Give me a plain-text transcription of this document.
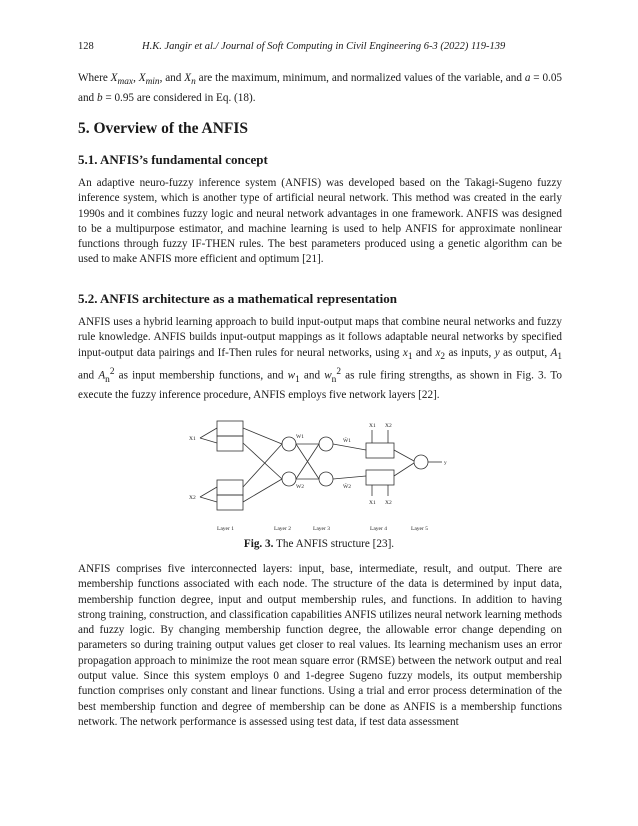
128	H.K. Jangir et al./ Journal of Soft Computing in Civil Engineering 6-3 (2022) 119-139

Where $X_{max}$, $X_{min}$, and $X_n$ are the maximum, minimum, and normalized values of the variable, and a = 0.05 and b = 0.95 are considered in Eq. (18).

5. Overview of the ANFIS
5.1. ANFIS’s fundamental concept

An adaptive neuro-fuzzy inference system (ANFIS) was developed based on the Takagi-Sugeno fuzzy inference system, which is another type of artificial neural network. This method was created in the early 1990s and it combines fuzzy logic and neural network advantages in one framework. ANFIS was designed to be a multipurpose estimator, and machine learning is used to help ANFIS for approximate nonlinear functions through fuzzy IF-THEN rules. The best parameters produced using a genetic algorithm can be used to make ANFIS more efficient and optimum [21].

5.2. ANFIS architecture as a mathematical representation

ANFIS uses a hybrid learning approach to build input-output maps that combine neural networks and fuzzy rule knowledge. ANFIS builds input-output mappings as it follows adaptable neural networks by specified input-output data pairings and If-Then rules for neural networks, using $x_1$ and $x_2$ as inputs, y as output, $A_1$ and $A_n^2$ as input membership functions, and $w_1$ and $w_n^2$ as rule firing strengths, as shown in Fig. 3. To execute the fuzzy inference procedure, ANFIS employs five network layers [22].

X1
X2
W1
W2
W̄1
W̄2
X1 X2
X1 X2
y
Layer 1	Layer 2	Layer 3	Layer 4	Layer 5
Fig. 3. The ANFIS structure [23].

ANFIS comprises five interconnected layers: input, base, intermediate, result, and output. There are membership functions associated with each node. The structure of the data is determined by input data, membership function degree, input and output membership rules, and functions. In addition to having strong training, construction, and classification capabilities ANFIS utilizes neural network learning methods and fuzzy logic. By changing membership function degree, the allowable error change depending on parameters so during training output values get closer to real values. Its learning mechanism uses an error propagation approach to minimize the root mean square error (RMSE) between the network output and real output value. Since this system employs 0 and 1-degree Sugeno fuzzy models, its output membership function comprises only constant and linear functions. Using a trial and error process determination of the best membership function and degree of membership can be done as ANFIS is a membership functions network. The network performance is assessed using test data, if test data assessment
